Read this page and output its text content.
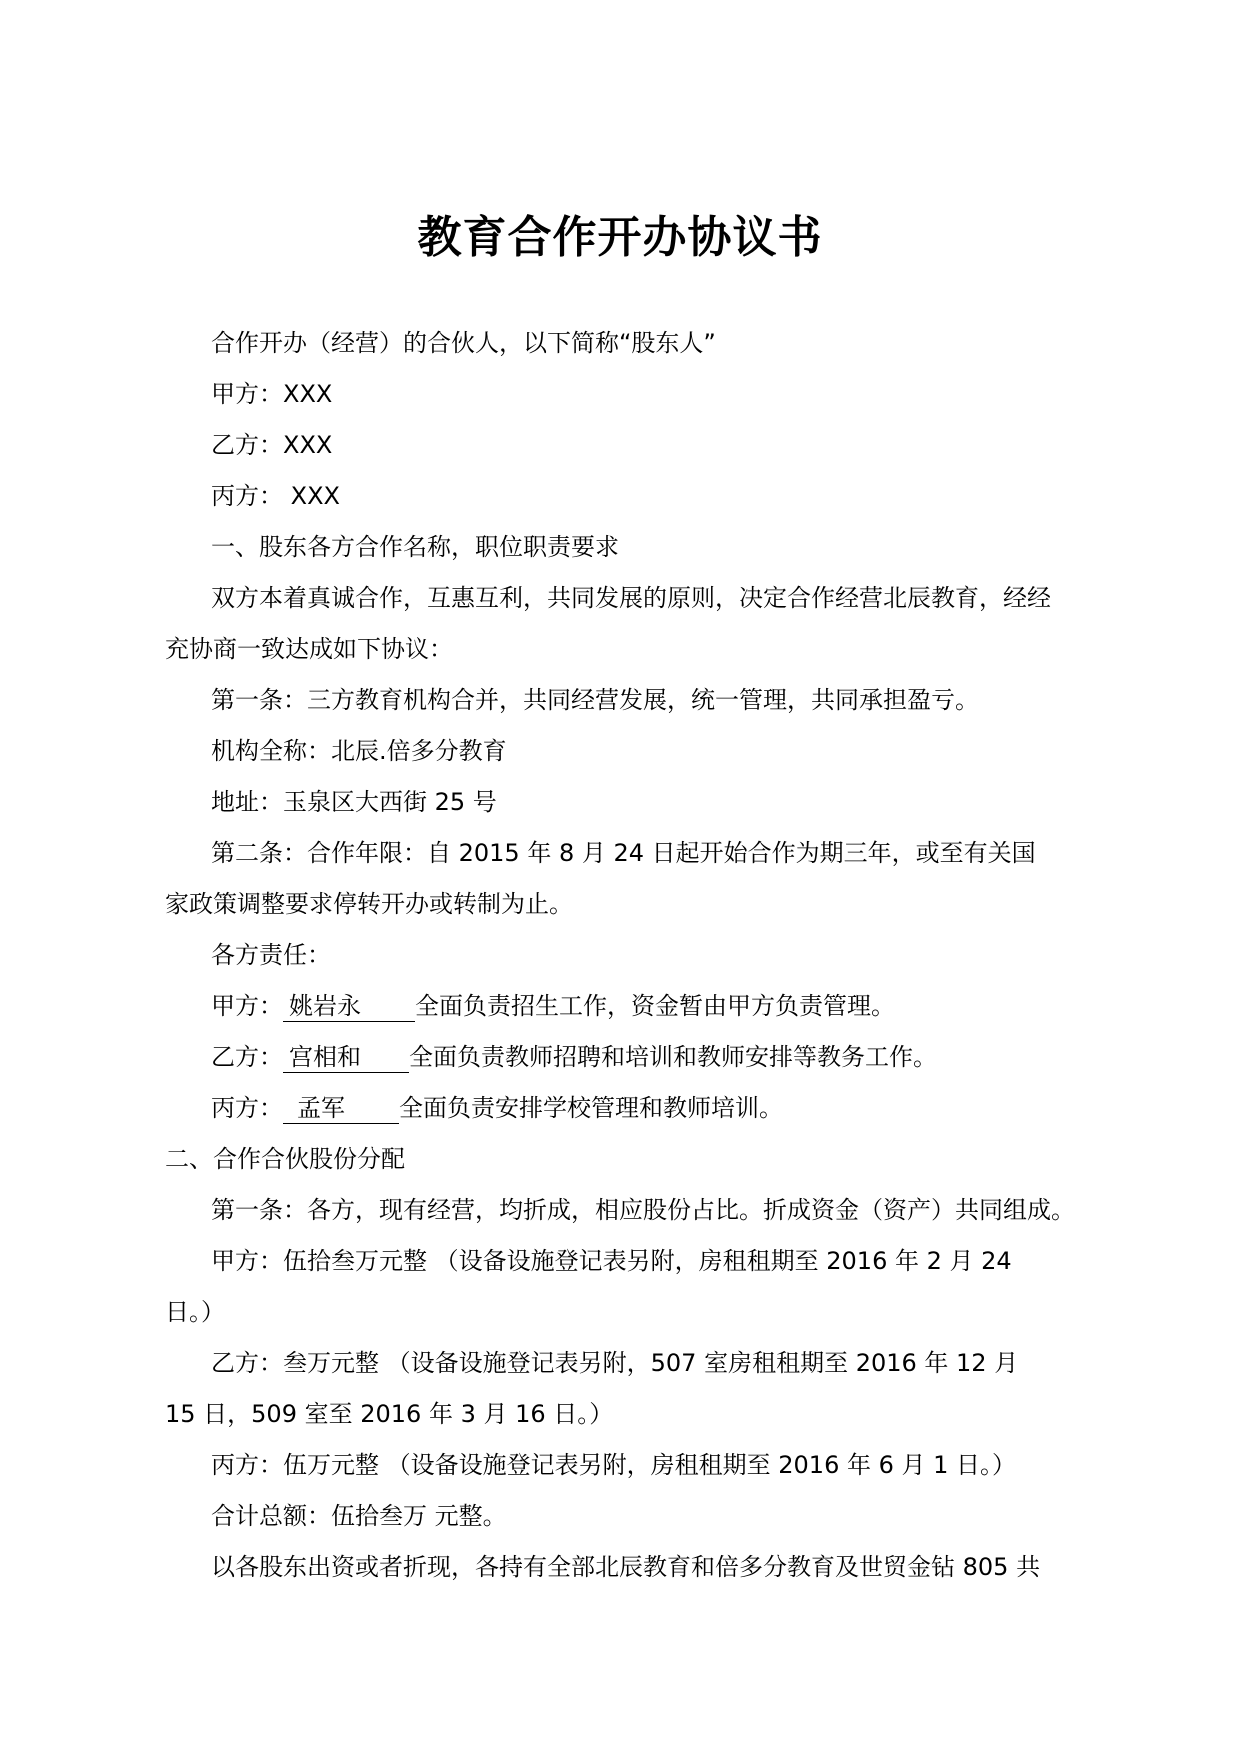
教育合作开办协议书

合作开办（经营）的合伙人，以下简称“股东人”

甲方：XXX

乙方：XXX

丙方： XXX

一、股东各方合作名称，职位职责要求

双方本着真诚合作，互惠互利，共同发展的原则，决定合作经营北辰教育，经经

充协商一致达成如下协议：

第一条：三方教育机构合并，共同经营发展，统一管理，共同承担盈亏。

机构全称：北辰.倍多分教育

地址：玉泉区大西街 25 号

第二条：合作年限：自 2015 年 8 月 24 日起开始合作为期三年，或至有关国

家政策调整要求停转开办或转制为止。

各方责任：

甲方： 姚岩永 全面负责招生工作，资金暂由甲方负责管理。

乙方： 宫相和 全面负责教师招聘和培训和教师安排等教务工作。

丙方： 孟军 全面负责安排学校管理和教师培训。

二、合作合伙股份分配

第一条：各方，现有经营，均折成，相应股份占比。折成资金（资产）共同组成。

甲方：伍拾叁万元整 （设备设施登记表另附，房租租期至 2016 年 2 月 24

日。）

乙方：叁万元整 （设备设施登记表另附，507 室房租租期至 2016 年 12 月

15 日，509 室至 2016 年 3 月 16 日。）

丙方：伍万元整 （设备设施登记表另附，房租租期至 2016 年 6 月 1 日。）

合计总额：伍拾叁万 元整。

以各股东出资或者折现，各持有全部北辰教育和倍多分教育及世贸金钻 805 共
